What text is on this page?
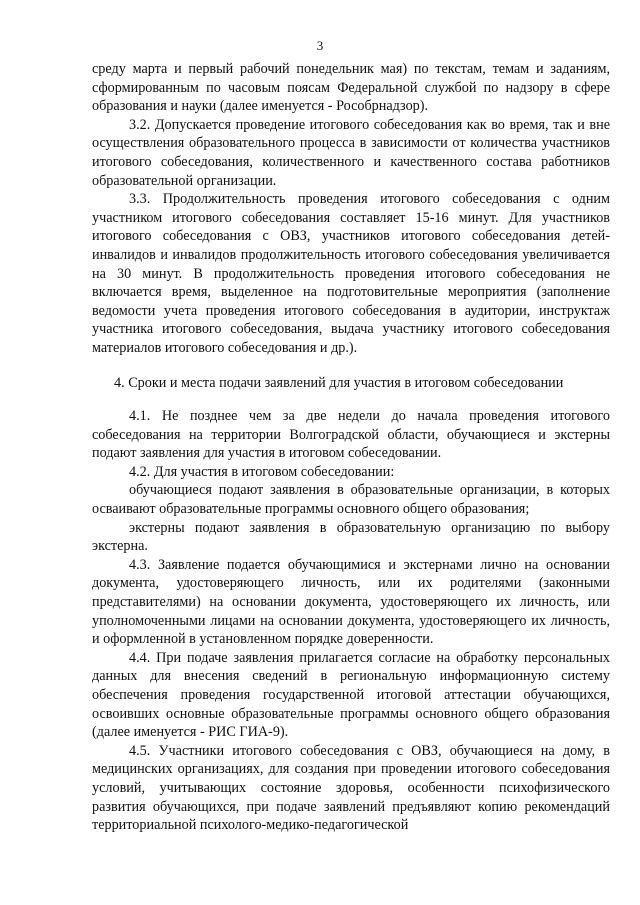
3

среду марта и первый рабочий понедельник мая) по текстам, темам и заданиям, сформированным по часовым поясам Федеральной службой по надзору в сфере образования и науки (далее именуется - Рособрнадзор).

3.2. Допускается проведение итогового собеседования как во время, так и вне осуществления образовательного процесса в зависимости от количества участников итогового собеседования, количественного и качественного состава работников образовательной организации.

3.3. Продолжительность проведения итогового собеседования с одним участником итогового собеседования составляет 15-16 минут. Для участников итогового собеседования с ОВЗ, участников итогового собеседования детей-инвалидов и инвалидов продолжительность итогового собеседования увеличивается на 30 минут. В продолжительность проведения итогового собеседования не включается время, выделенное на подготовительные мероприятия (заполнение ведомости учета проведения итогового собеседования в аудитории, инструктаж участника итогового собеседования, выдача участнику итогового собеседования материалов итогового собеседования и др.).

4. Сроки и места подачи заявлений для участия в итоговом собеседовании

4.1. Не позднее чем за две недели до начала проведения итогового собеседования на территории Волгоградской области, обучающиеся и экстерны подают заявления для участия в итоговом собеседовании.

4.2. Для участия в итоговом собеседовании:

обучающиеся подают заявления в образовательные организации, в которых осваивают образовательные программы основного общего образования;

экстерны подают заявления в образовательную организацию по выбору экстерна.

4.3. Заявление подается обучающимися и экстернами лично на основании документа, удостоверяющего личность, или их родителями (законными представителями) на основании документа, удостоверяющего их личность, или уполномоченными лицами на основании документа, удостоверяющего их личность, и оформленной в установленном порядке доверенности.

4.4. При подаче заявления прилагается согласие на обработку персональных данных для внесения сведений в региональную информационную систему обеспечения проведения государственной итоговой аттестации обучающихся, освоивших основные образовательные программы основного общего образования (далее именуется - РИС ГИА-9).

4.5. Участники итогового собеседования с ОВЗ, обучающиеся на дому, в медицинских организациях, для создания при проведении итогового собеседования условий, учитывающих состояние здоровья, особенности психофизического развития обучающихся, при подаче заявлений предъявляют копию рекомендаций территориальной психолого-медико-педагогической
